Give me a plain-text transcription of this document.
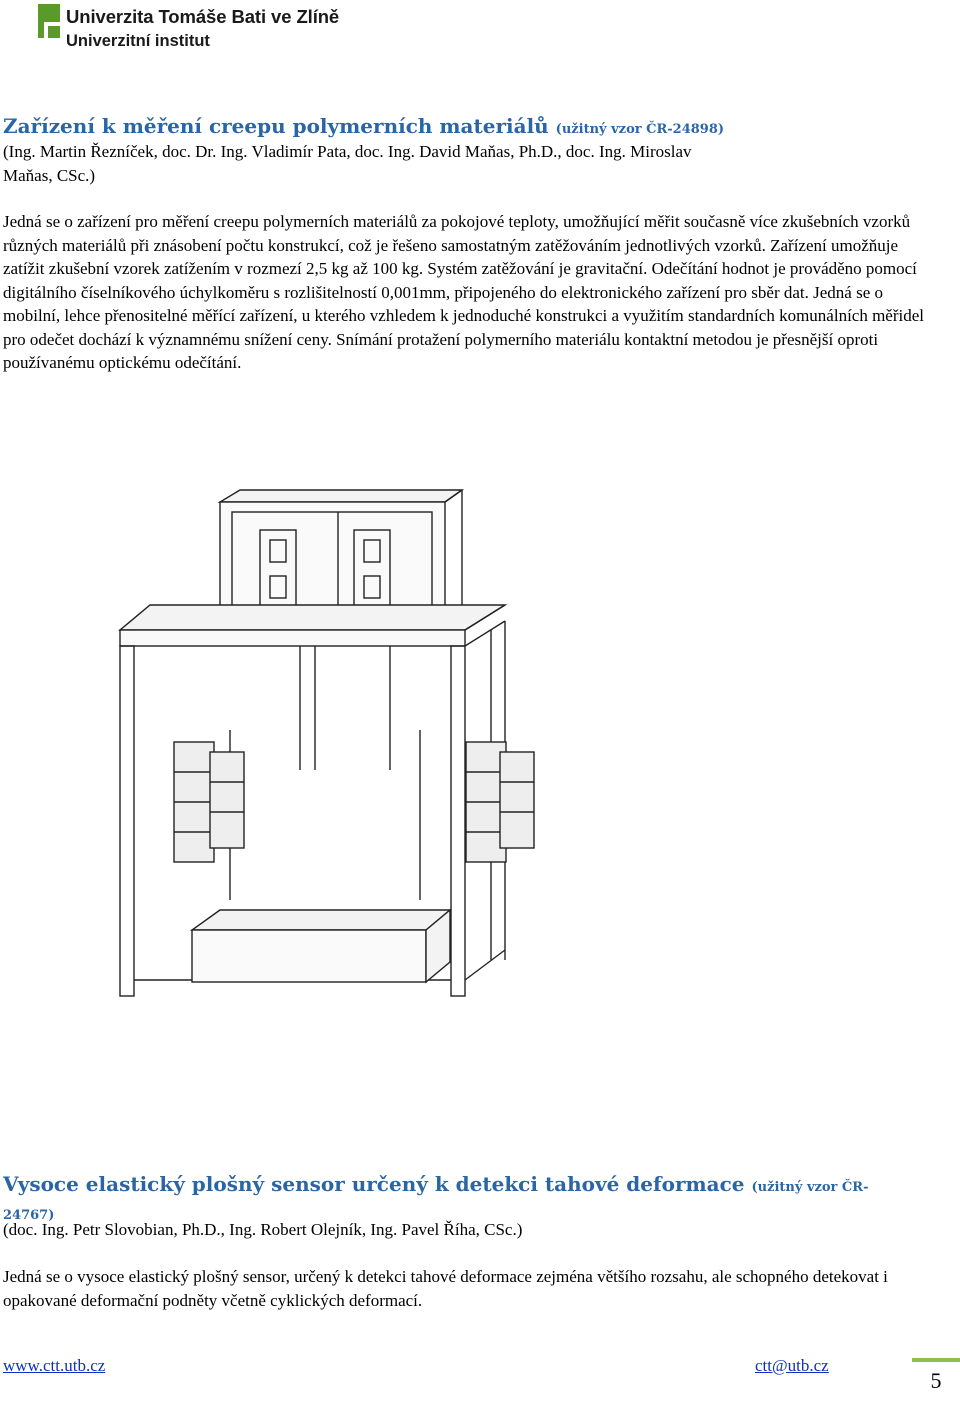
Univerzita Tomáše Bati ve Zlíně
Univerzitní institut
Zařízení k měření creepu polymerních materiálů (užitný vzor ČR-24898)

(Ing. Martin Řezníček, doc. Dr. Ing. Vladimír Pata, doc. Ing. David Maňas, Ph.D., doc. Ing. Miroslav Maňas, CSc.)

Jedná se o zařízení pro měření creepu polymerních materiálů za pokojové teploty, umožňující měřit současně více zkušebních vzorků různých materiálů při znásobení počtu konstrukcí, což je řešeno samostatným zatěžováním jednotlivých vzorků. Zařízení umožňuje zatížit zkušební vzorek zatížením v rozmezí 2,5 kg až 100 kg. Systém zatěžování je gravitační. Odečítání hodnot je prováděno pomocí digitálního číselníkového úchylkoměru s rozlišitelností 0,001mm, připojeného do elektronického zařízení pro sběr dat. Jedná se o mobilní, lehce přenositelné měřící zařízení, u kterého vzhledem k jednoduché konstrukci a využitím standardních komunálních měřidel pro odečet dochází k významnému snížení ceny. Snímání protažení polymerního materiálu kontaktní metodou je přesnější oproti používanému optickému odečítání.

Vysoce elastický plošný sensor určený k detekci tahové deformace (užitný vzor ČR-24767)

(doc. Ing. Petr Slovobian, Ph.D., Ing. Robert Olejník, Ing. Pavel Říha, CSc.)

Jedná se o vysoce elastický plošný sensor, určený k detekci tahové deformace zejména většího rozsahu, ale schopného detekovat i opakované deformační podněty včetně cyklických deformací.

www.ctt.utb.cz	ctt@utb.cz
5
